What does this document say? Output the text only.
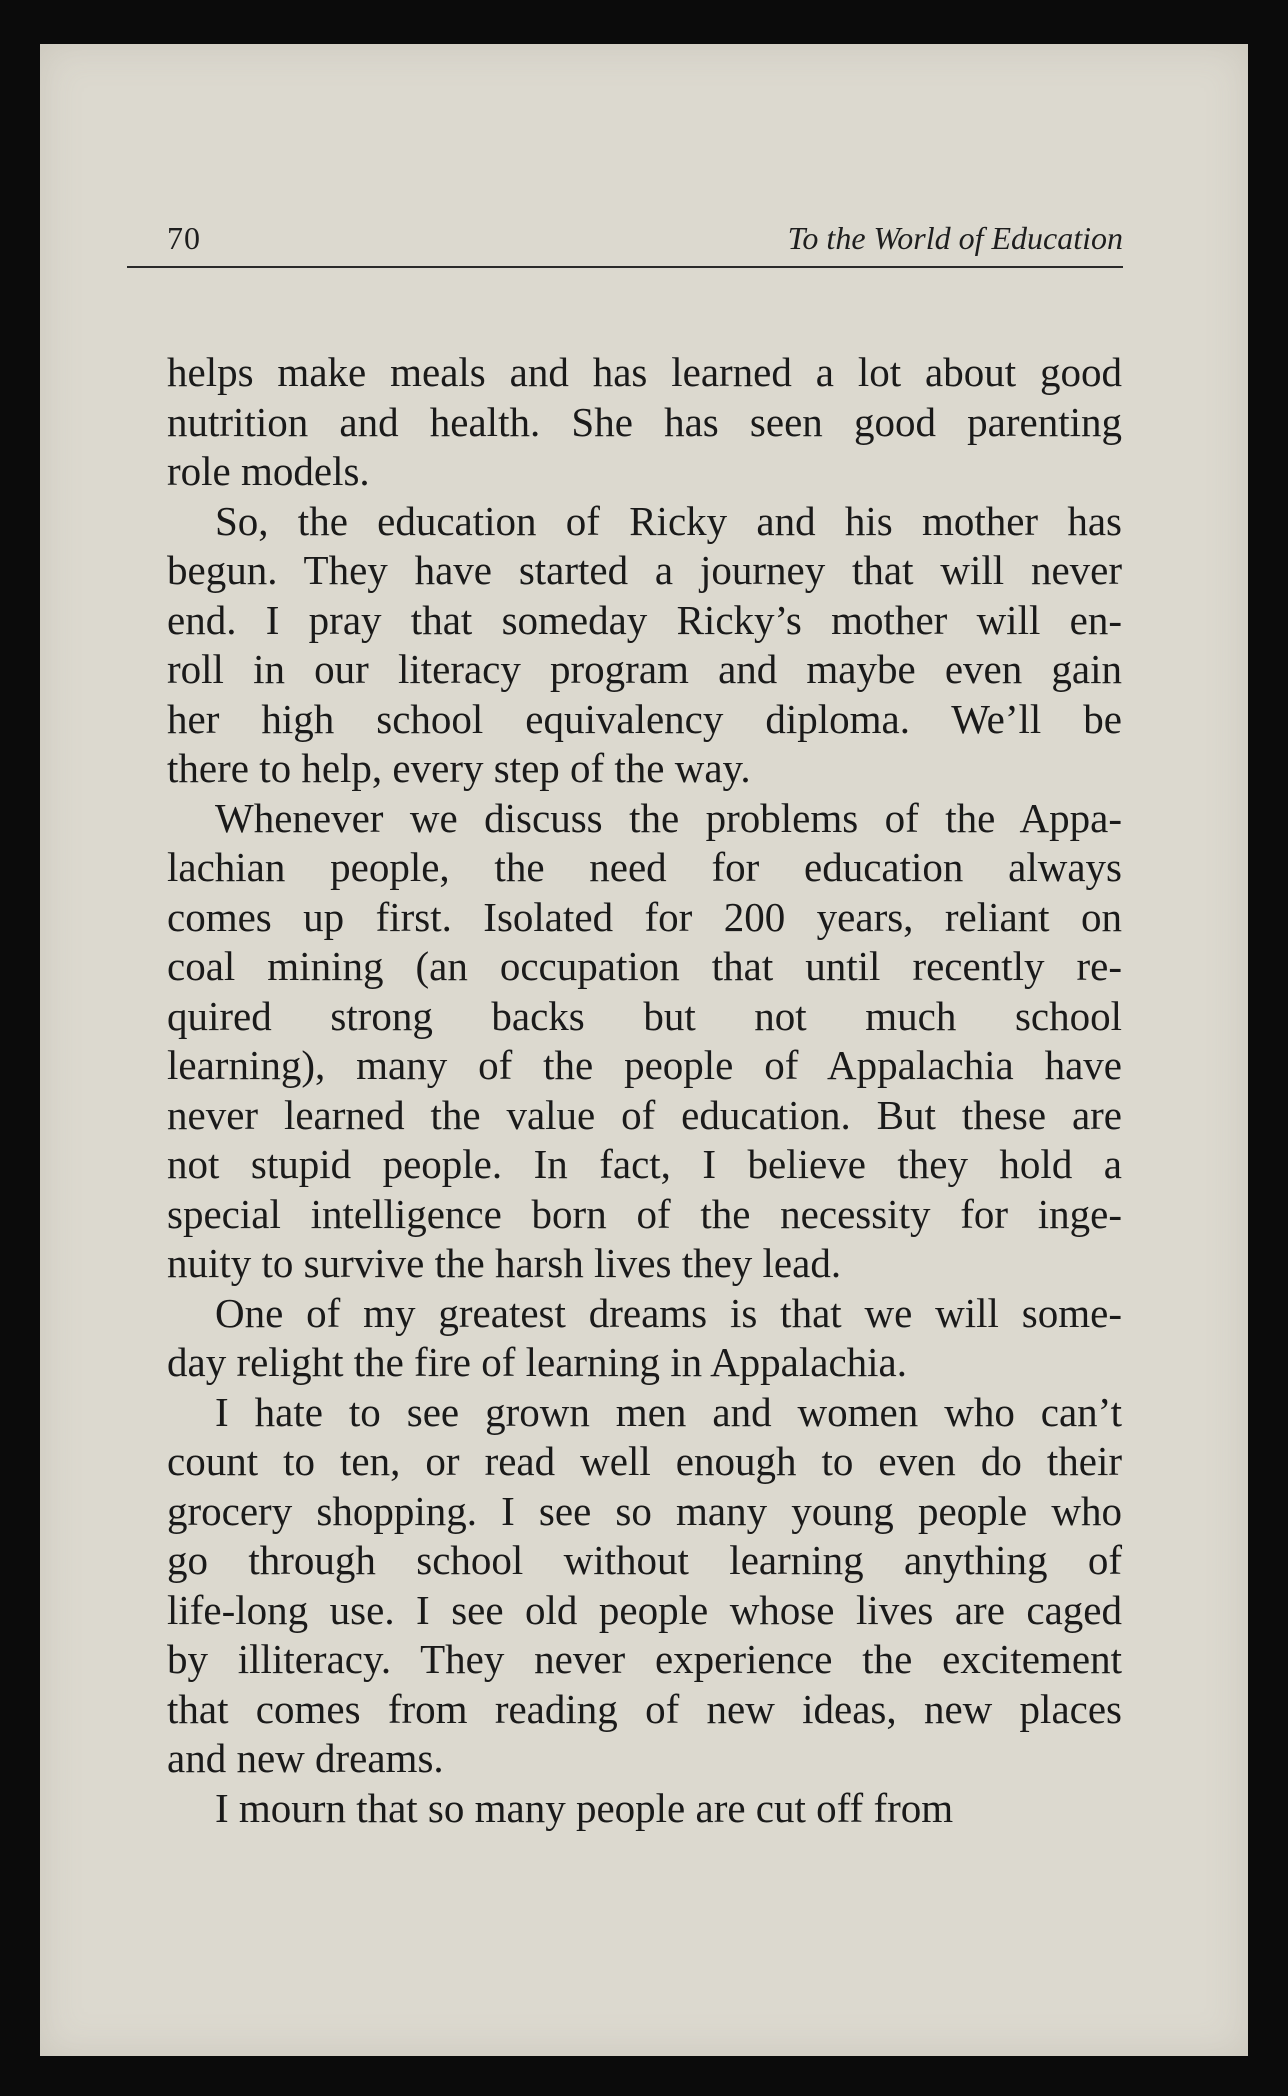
70	To the World of Education

helps make meals and has learned a lot about good
nutrition and health. She has seen good parenting
role models.

So, the education of Ricky and his mother has
begun. They have started a journey that will never
end. I pray that someday Ricky’s mother will en-
roll in our literacy program and maybe even gain
her high school equivalency diploma. We’ll be
there to help, every step of the way.

Whenever we discuss the problems of the Appa-
lachian people, the need for education always
comes up first. Isolated for 200 years, reliant on
coal mining (an occupation that until recently re-
quired strong backs but not much school
learning), many of the people of Appalachia have
never learned the value of education. But these are
not stupid people. In fact, I believe they hold a
special intelligence born of the necessity for inge-
nuity to survive the harsh lives they lead.

One of my greatest dreams is that we will some-
day relight the fire of learning in Appalachia.

I hate to see grown men and women who can’t
count to ten, or read well enough to even do their
grocery shopping. I see so many young people who
go through school without learning anything of
life-long use. I see old people whose lives are caged
by illiteracy. They never experience the excitement
that comes from reading of new ideas, new places
and new dreams.

I mourn that so many people are cut off from
